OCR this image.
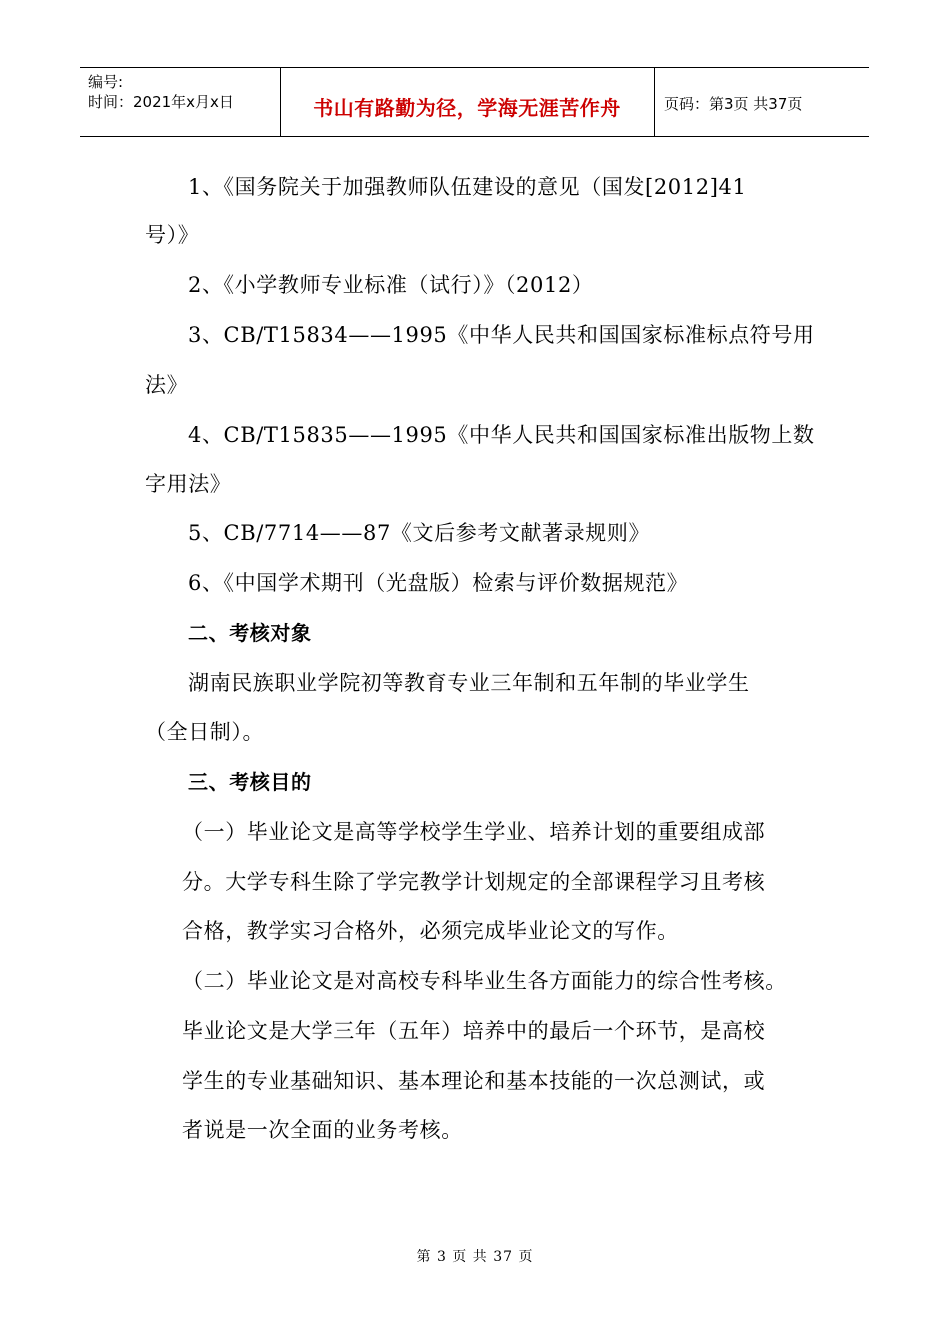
编号:
时间：2021年x月x日	书山有路勤为径，学海无涯苦作舟	页码：第3页 共37页
1、《国务院关于加强教师队伍建设的意见（国发[2012]41
号）》
2、《小学教师专业标准（试行）》（2012）
3、CB/T15834——1995《中华人民共和国国家标准标点符号用
法》
4、CB/T15835——1995《中华人民共和国国家标准出版物上数
字用法》
5、CB/7714——87《文后参考文献著录规则》
6、《中国学术期刊（光盘版）检索与评价数据规范》
二、考核对象
湖南民族职业学院初等教育专业三年制和五年制的毕业学生
（全日制）。
三、考核目的
（一）毕业论文是高等学校学生学业、培养计划的重要组成部
分。大学专科生除了学完教学计划规定的全部课程学习且考核
合格，教学实习合格外，必须完成毕业论文的写作。
（二）毕业论文是对高校专科毕业生各方面能力的综合性考核。
毕业论文是大学三年（五年）培养中的最后一个环节，是高校
学生的专业基础知识、基本理论和基本技能的一次总测试，或
者说是一次全面的业务考核。
第 3 页 共 37 页
